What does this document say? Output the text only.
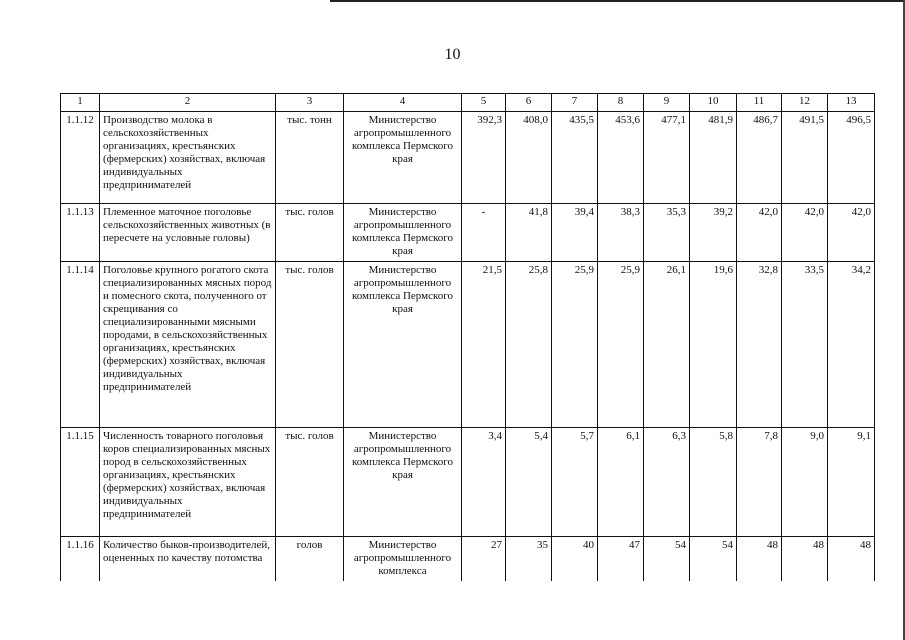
10
1	2	3	4	5	6	7	8	9	10	11	12	13
1.1.12	Производство молока в сельскохозяйственных организациях, крестьянских (фермерских) хозяйствах, включая индивидуальных предпринимателей	тыс. тонн	Министерство агропромышленного комплекса Пермского края	392,3	408,0	435,5	453,6	477,1	481,9	486,7	491,5	496,5
1.1.13	Племенное маточное поголовье сельскохозяйственных животных (в пересчете на условные головы)	тыс. голов	Министерство агропромышленного комплекса Пермского края	-	41,8	39,4	38,3	35,3	39,2	42,0	42,0	42,0
1.1.14	Поголовье крупного рогатого скота специализированных мясных пород и помесного скота, полученного от скрещивания со специализированными мясными породами, в сельскохозяйственных организациях, крестьянских (фермерских) хозяйствах, включая индивидуальных предпринимателей	тыс. голов	Министерство агропромышленного комплекса Пермского края	21,5	25,8	25,9	25,9	26,1	19,6	32,8	33,5	34,2
1.1.15	Численность товарного поголовья коров специализированных мясных пород в сельскохозяйственных организациях, крестьянских (фермерских) хозяйствах, включая индивидуальных предпринимателей	тыс. голов	Министерство агропромышленного комплекса Пермского края	3,4	5,4	5,7	6,1	6,3	5,8	7,8	9,0	9,1
1.1.16	Количество быков-производителей, оцененных по качеству потомства	голов	Министерство агропромышленного комплекса	27	35	40	47	54	54	48	48	48
